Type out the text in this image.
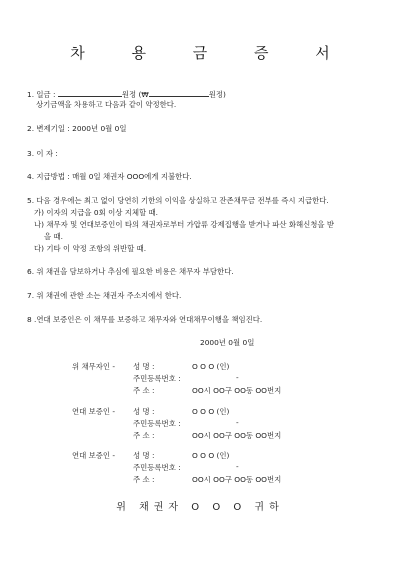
차 용 금 증 서
1. 일금 :	원정 (₩	원정)
상기금액을 차용하고 다음과 같이 약정한다.
2. 변제기일 : 2000년 0월 0일
3. 이 자 :
4. 지급방법 : 매월 0일 채권자 OOO에게 지불한다.
5. 다음 경우에는 최고 없이 당연히 기한의 이익을 상실하고 잔존채무금 전부를 즉시 지급한다.
가) 이자의 지급을 0회 이상 지체할 때.
나) 채무자 및 연대보증인이 타의 채권자로부터 가압류 강제집행을 받거나 파산 화해신청을 받
을 때.
다) 기타 이 약정 조항의 위반할 때.
6. 위 채권을 담보하거나 추심에 필요한 비용은 채무자 부담한다.
7. 위 채권에 관한 소는 채권자 주소지에서 한다.
8 .연대 보증인은 이 채무를 보증하고 채무자와 연대채무이행을 책임진다.
2000년 0월 0일
위 채무자인 - 성 명 :	O O O (인)
주민등록번호 :	-
주 소 :	OO시 OO구 OO동 OO번지
연대 보증인 - 성 명 :	O O O (인)
주민등록번호 :	-
주 소 :	OO시 OO구 OO동 OO번지
연대 보증인 - 성 명 :	O O O (인)
주민등록번호 :	-
주 소 :	OO시 OO구 OO동 OO번지
위 채권자 O O O 귀하
